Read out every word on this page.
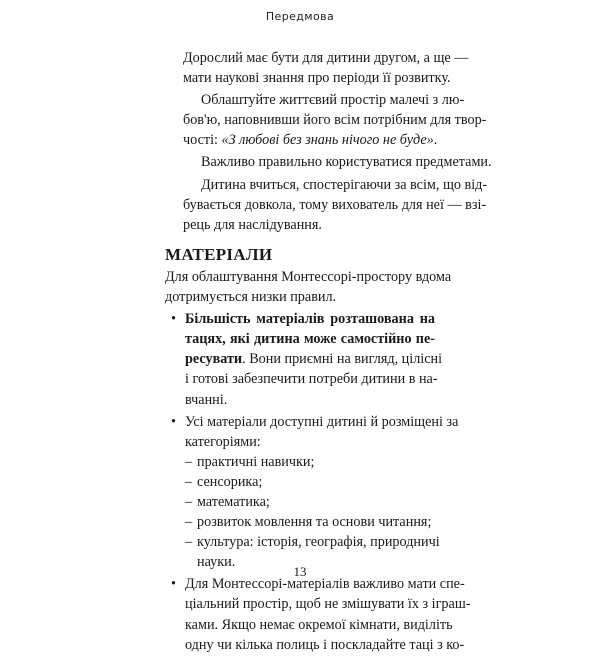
Передмова
Дорослий має бути для дитини другом, а ще —
мати наукові знання про періоди її розвитку.
Облаштуйте життєвий простір малечі з лю-
бов'ю, наповнивши його всім потрібним для твор-
чості: «З любові без знань нічого не буде».
Важливо правильно користуватися предметами.
Дитина вчиться, спостерігаючи за всім, що від-
бувається довкола, тому вихователь для неї — взі-
рець для наслідування.
МАТЕРІАЛИ
Для облаштування Монтессорі-простору вдома
дотримується низки правил.
• Більшість матеріалів розташована на
тацях, які дитина може самостійно пе-
ресувати. Вони приємні на вигляд, цілісні
і готові забезпечити потреби дитини в на-
вчанні.
• Усі матеріали доступні дитині й розміщені за
категоріями:
– практичні навички;
– сенсорика;
– математика;
– розвиток мовлення та основи читання;
– культура: історія, географія, природничі
науки.
• Для Монтессорі-матеріалів важливо мати спе-
ціальний простір, щоб не змішувати їх з іграш-
ками. Якщо немає окремої кімнати, виділіть
одну чи кілька полиць і поскладайте таці з ко-
13
